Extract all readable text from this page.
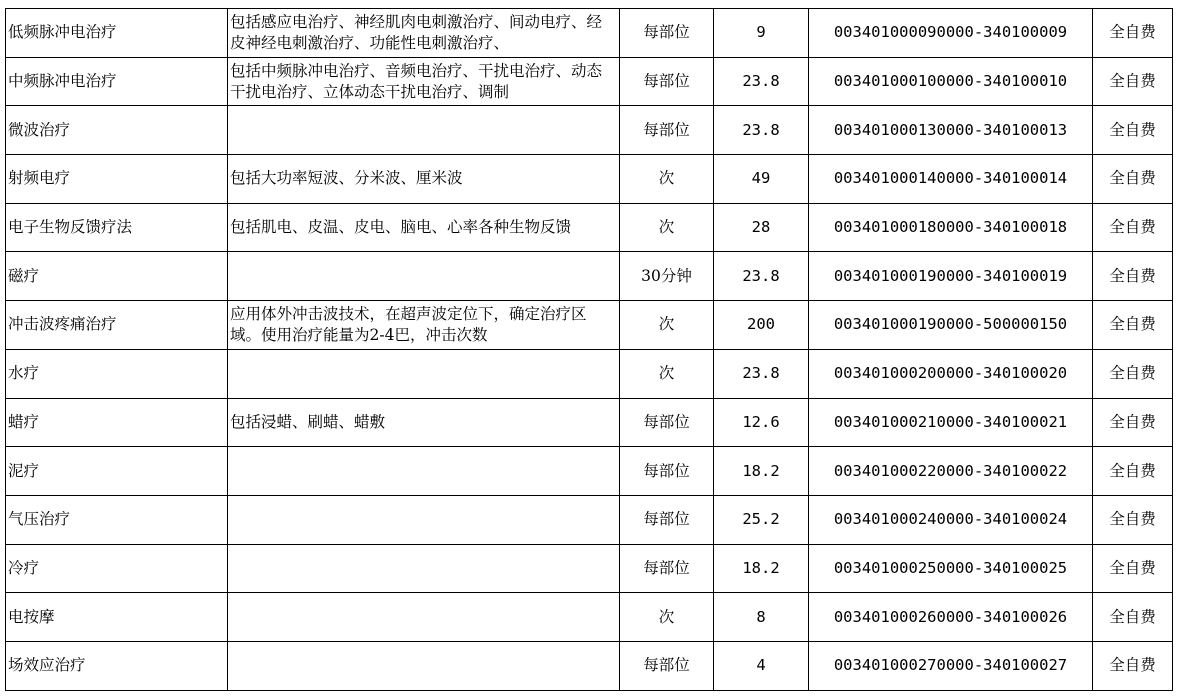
低频脉冲电治疗	包括感应电治疗、神经肌肉电刺激治疗、间动电疗、经皮神经电刺激治疗、功能性电刺激治疗、	每部位	9	003401000090000-340100009	全自费
中频脉冲电治疗	包括中频脉冲电治疗、音频电治疗、干扰电治疗、动态干扰电治疗、立体动态干扰电治疗、调制	每部位	23.8	003401000100000-340100010	全自费
微波治疗		每部位	23.8	003401000130000-340100013	全自费
射频电疗	包括大功率短波、分米波、厘米波	次	49	003401000140000-340100014	全自费
电子生物反馈疗法	包括肌电、皮温、皮电、脑电、心率各种生物反馈	次	28	003401000180000-340100018	全自费
磁疗		30分钟	23.8	003401000190000-340100019	全自费
冲击波疼痛治疗	应用体外冲击波技术，在超声波定位下，确定治疗区域。使用治疗能量为2-4巴，冲击次数	次	200	003401000190000-500000150	全自费
水疗		次	23.8	003401000200000-340100020	全自费
蜡疗	包括浸蜡、刷蜡、蜡敷	每部位	12.6	003401000210000-340100021	全自费
泥疗		每部位	18.2	003401000220000-340100022	全自费
气压治疗		每部位	25.2	003401000240000-340100024	全自费
冷疗		每部位	18.2	003401000250000-340100025	全自费
电按摩		次	8	003401000260000-340100026	全自费
场效应治疗		每部位	4	003401000270000-340100027	全自费
